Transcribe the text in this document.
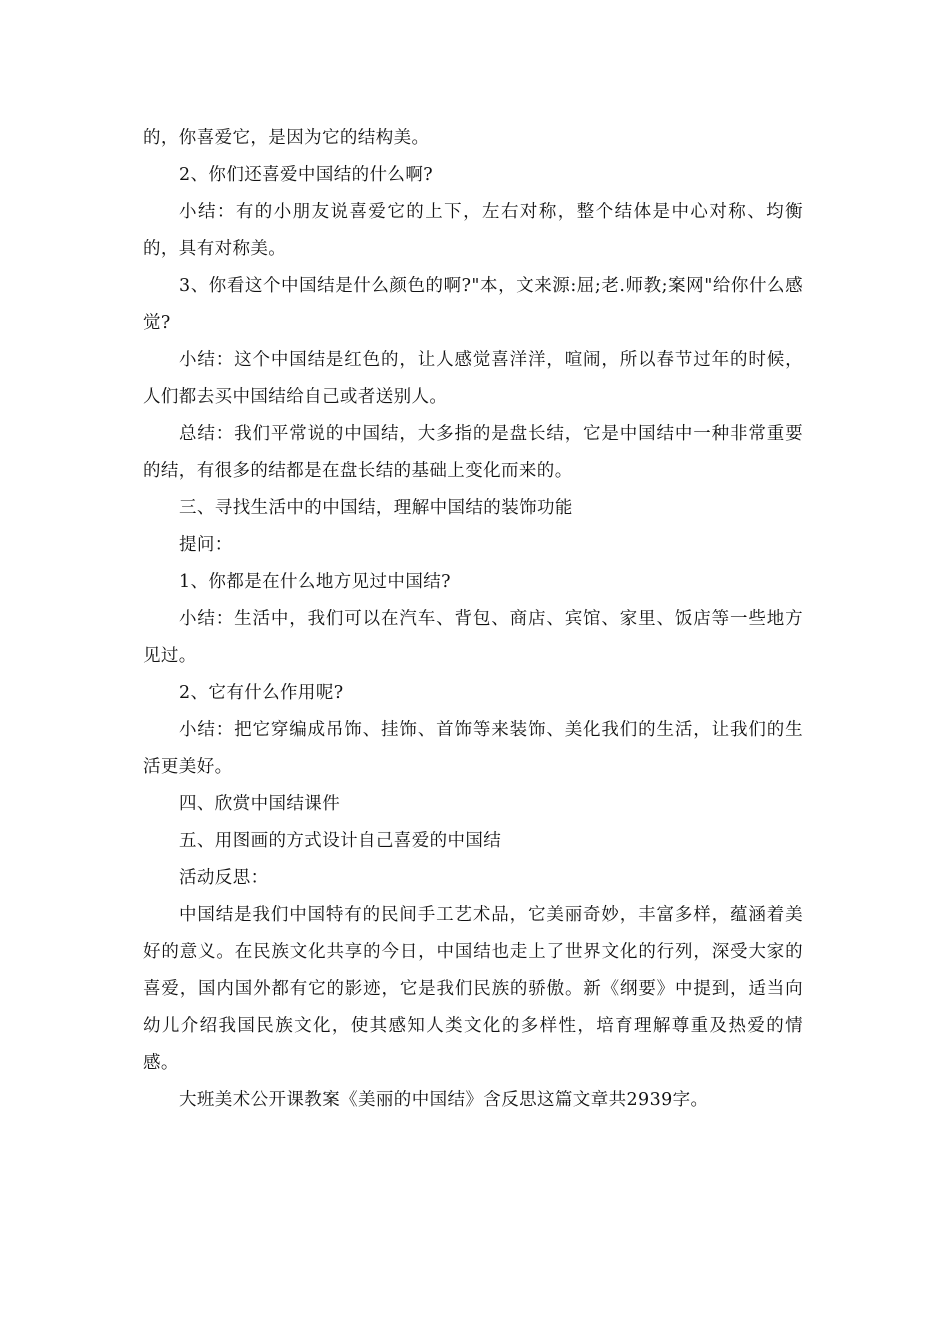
的，你喜爱它，是因为它的结构美。

2、你们还喜爱中国结的什么啊?

小结：有的小朋友说喜爱它的上下，左右对称，整个结体是中心对称、均衡的，具有对称美。

3、你看这个中国结是什么颜色的啊?"本，文来源:屈;老.师教;案网"给你什么感觉?

小结：这个中国结是红色的，让人感觉喜洋洋，喧闹，所以春节过年的时候，人们都去买中国结给自己或者送别人。

总结：我们平常说的中国结，大多指的是盘长结，它是中国结中一种非常重要的结，有很多的结都是在盘长结的基础上变化而来的。

三、寻找生活中的中国结，理解中国结的装饰功能

提问：

1、你都是在什么地方见过中国结?

小结：生活中，我们可以在汽车、背包、商店、宾馆、家里、饭店等一些地方见过。

2、它有什么作用呢?

小结：把它穿编成吊饰、挂饰、首饰等来装饰、美化我们的生活，让我们的生活更美好。

四、欣赏中国结课件

五、用图画的方式设计自己喜爱的中国结

活动反思：

中国结是我们中国特有的民间手工艺术品，它美丽奇妙，丰富多样，蕴涵着美好的意义。在民族文化共享的今日，中国结也走上了世界文化的行列，深受大家的喜爱，国内国外都有它的影迹，它是我们民族的骄傲。新《纲要》中提到，适当向幼儿介绍我国民族文化，使其感知人类文化的多样性，培育理解尊重及热爱的情感。

大班美术公开课教案《美丽的中国结》含反思这篇文章共2939字。
